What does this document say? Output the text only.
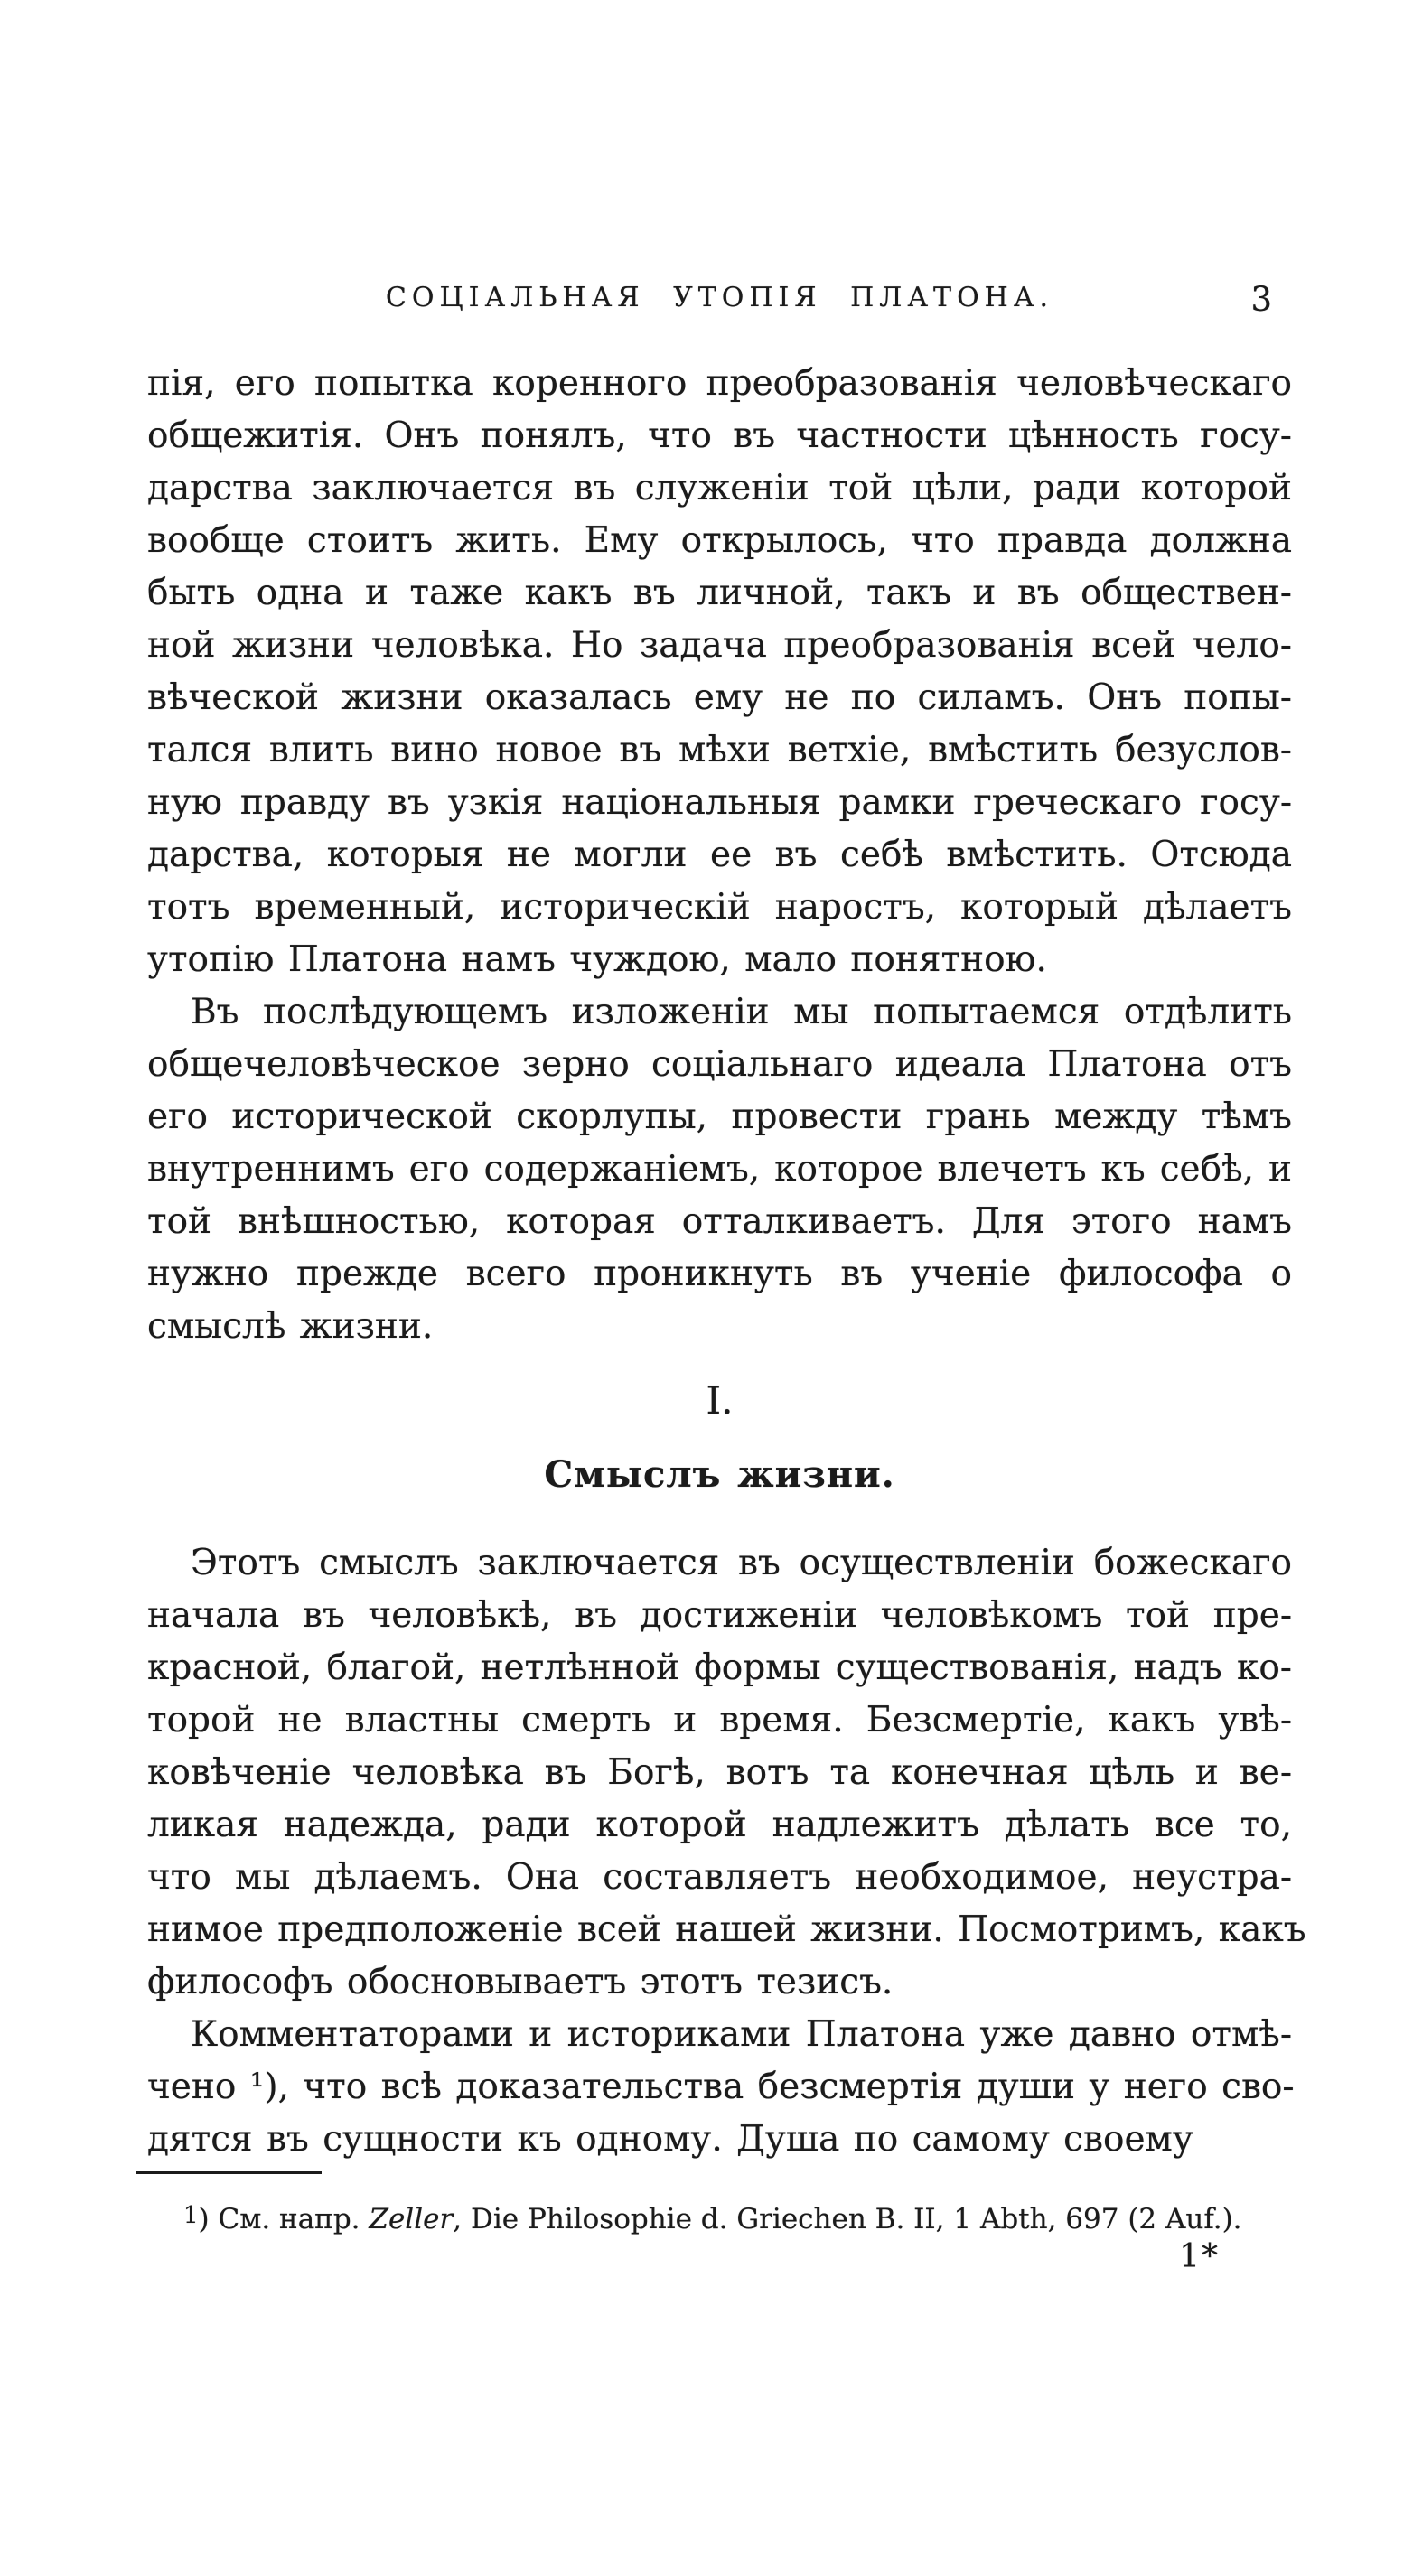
СОЦІАЛЬНАЯ УТОПІЯ ПЛАТОНА.	3
пія, его попытка коренного преобразованія человѣческаго
общежитія. Онъ понялъ, что въ частности цѣнность госу-
дарства заключается въ служеніи той цѣли, ради которой
вообще стоитъ жить. Ему открылось, что правда должна
быть одна и таже какъ въ личной, такъ и въ обществен-
ной жизни человѣка. Но задача преобразованія всей чело-
вѣческой жизни оказалась ему не по силамъ. Онъ попы-
тался влить вино новое въ мѣхи ветхіе, вмѣстить безуслов-
ную правду въ узкія національныя рамки греческаго госу-
дарства, которыя не могли ее въ себѣ вмѣстить. Отсюда
тотъ временный, историческій наростъ, который дѣлаетъ
утопію Платона намъ чуждою, мало понятною.
Въ послѣдующемъ изложеніи мы попытаемся отдѣлить
общечеловѣческое зерно соціальнаго идеала Платона отъ
его исторической скорлупы, провести грань между тѣмъ
внутреннимъ его содержаніемъ, которое влечетъ къ себѣ, и
той внѣшностью, которая отталкиваетъ. Для этого намъ
нужно прежде всего проникнуть въ ученіе философа о
смыслѣ жизни.
I.
Смыслъ жизни.
Этотъ смыслъ заключается въ осуществленіи божескаго
начала въ человѣкѣ, въ достиженіи человѣкомъ той пре-
красной, благой, нетлѣнной формы существованія, надъ ко-
торой не властны смерть и время. Безсмертіе, какъ увѣ-
ковѣченіе человѣка въ Богѣ, вотъ та конечная цѣль и ве-
ликая надежда, ради которой надлежитъ дѣлать все то,
что мы дѣлаемъ. Она составляетъ необходимое, неустра-
нимое предположеніе всей нашей жизни. Посмотримъ, какъ
философъ обосновываетъ этотъ тезисъ.
Комментаторами и историками Платона уже давно отмѣ-
чено ¹), что всѣ доказательства безсмертія души у него сво-
дятся въ сущности къ одному. Душа по самому своему
1) См. напр. Zeller, Die Philosophie d. Griechen B. II, 1 Abth, 697 (2 Auf.).
1*
